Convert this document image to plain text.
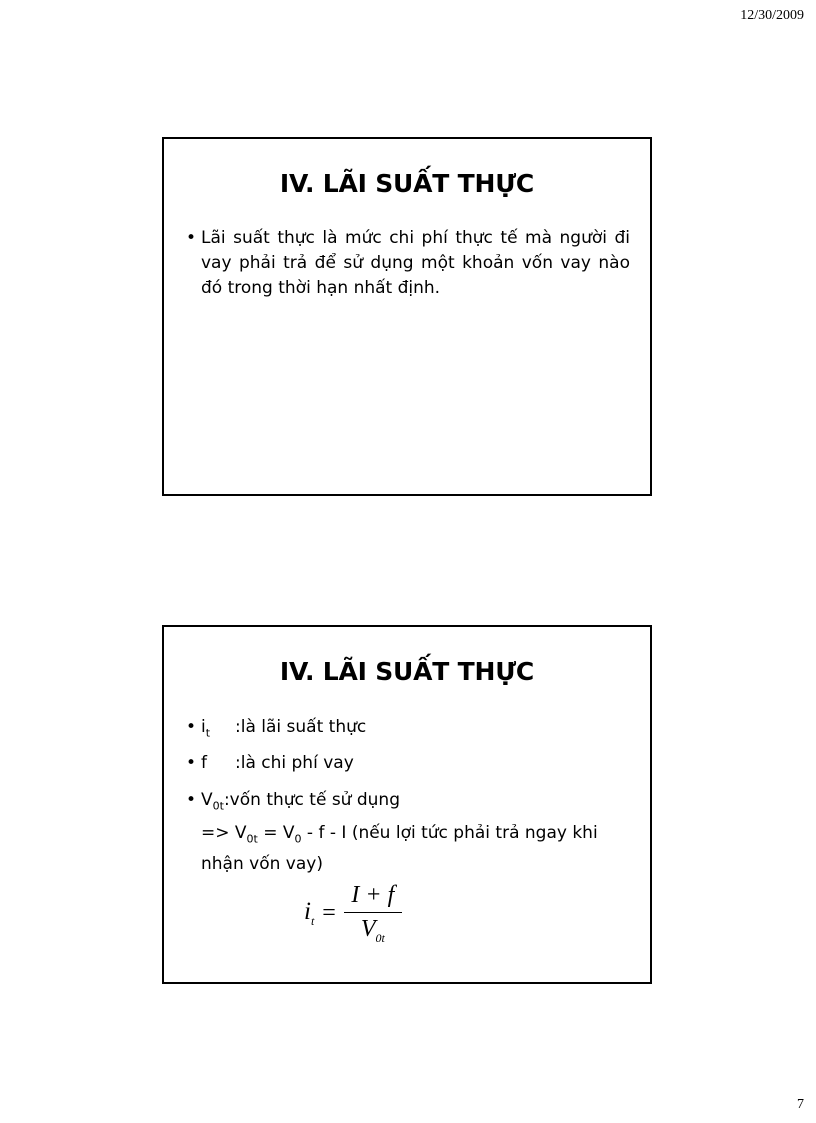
12/30/2009
IV. LÃI SUẤT THỰC
• Lãi suất thực là mức chi phí thực tế mà người đi vay phải trả để sử dụng một khoản vốn vay nào đó trong thời hạn nhất định.
IV. LÃI SUẤT THỰC
• $i_t$ :là lãi suất thực
• f :là chi phí vay
• $V_{0t}:vốn$ thực tế sử dụng
=> $V_{0t} = V_0 - f - I$ (nếu lợi tức phải trả ngay khi nhận vốn vay)
$i_t = \frac{I + f}{V_{0t}}$
7
